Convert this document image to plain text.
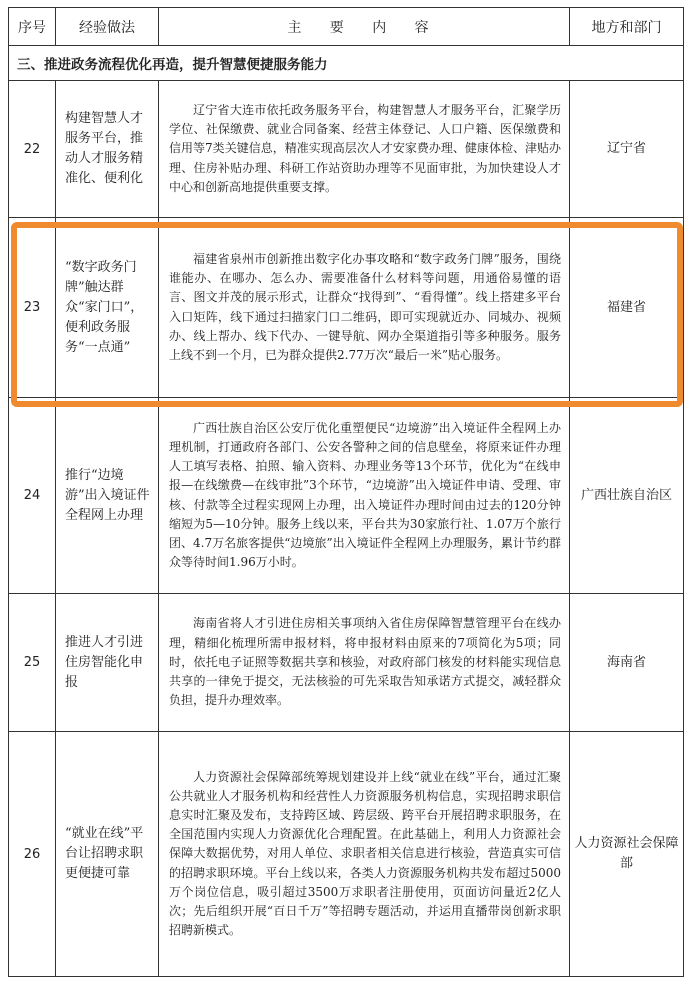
序号	经验做法	主 要 内 容	地方和部门
三、推进政务流程优化再造，提升智慧便捷服务能力			
22	构建智慧人才服务平台，推动人才服务精准化、便利化	辽宁省大连市依托政务服务平台，构建智慧人才服务平台，汇聚学历学位、社保缴费、就业合同备案、经营主体登记、人口户籍、医保缴费和信用等7类关键信息，精准实现高层次人才安家费办理、健康体检、津贴办理、住房补贴办理、科研工作站资助办理等不见面审批，为加快建设人才中心和创新高地提供重要支撑。	辽宁省
23	“数字政务门牌”触达群众“家门口”，便利政务服务“一点通”	福建省泉州市创新推出数字化办事攻略和“数字政务门牌”服务，围绕谁能办、在哪办、怎么办、需要准备什么材料等问题，用通俗易懂的语言、图文并茂的展示形式，让群众“找得到”、“看得懂”。线上搭建多平台入口矩阵，线下通过扫描家门口二维码，即可实现就近办、同城办、视频办、线上帮办、线下代办、一键导航、网办全渠道指引等多种服务。服务上线不到一个月，已为群众提供2.77万次“最后一米”贴心服务。	福建省
24	推行“边境游”出入境证件全程网上办理	广西壮族自治区公安厅优化重塑便民“边境游”出入境证件全程网上办理机制，打通政府各部门、公安各警种之间的信息壁垒，将原来证件办理人工填写表格、拍照、输入资料、办理业务等13个环节，优化为“在线申报—在线缴费—在线审批”3个环节，“边境游”出入境证件申请、受理、审核、付款等全过程实现网上办理，出入境证件办理时间由过去的120分钟缩短为5—10分钟。服务上线以来，平台共为30家旅行社、1.07万个旅行团、4.7万名旅客提供“边境旅”出入境证件全程网上办理服务，累计节约群众等待时间1.96万小时。	广西壮族自治区
25	推进人才引进住房智能化申报	海南省将人才引进住房相关事项纳入省住房保障智慧管理平台在线办理，精细化梳理所需申报材料，将申报材料由原来的7项简化为5项；同时，依托电子证照等数据共享和核验，对政府部门核发的材料能实现信息共享的一律免于提交，无法核验的可先采取告知承诺方式提交，减轻群众负担，提升办理效率。	海南省
26	“就业在线”平台让招聘求职更便捷可靠	人力资源社会保障部统筹规划建设并上线“就业在线”平台，通过汇聚公共就业人才服务机构和经营性人力资源服务机构信息，实现招聘求职信息实时汇聚及发布，支持跨区域、跨层级、跨平台开展招聘求职服务，在全国范围内实现人力资源优化合理配置。在此基础上，利用人力资源社会保障大数据优势，对用人单位、求职者相关信息进行核验，营造真实可信的招聘求职环境。平台上线以来，各类人力资源服务机构共发布超过5000万个岗位信息，吸引超过3500万求职者注册使用，页面访问量近2亿人次；先后组织开展“百日千万”等招聘专题活动，并运用直播带岗创新求职招聘新模式。	人力资源社会保障部
